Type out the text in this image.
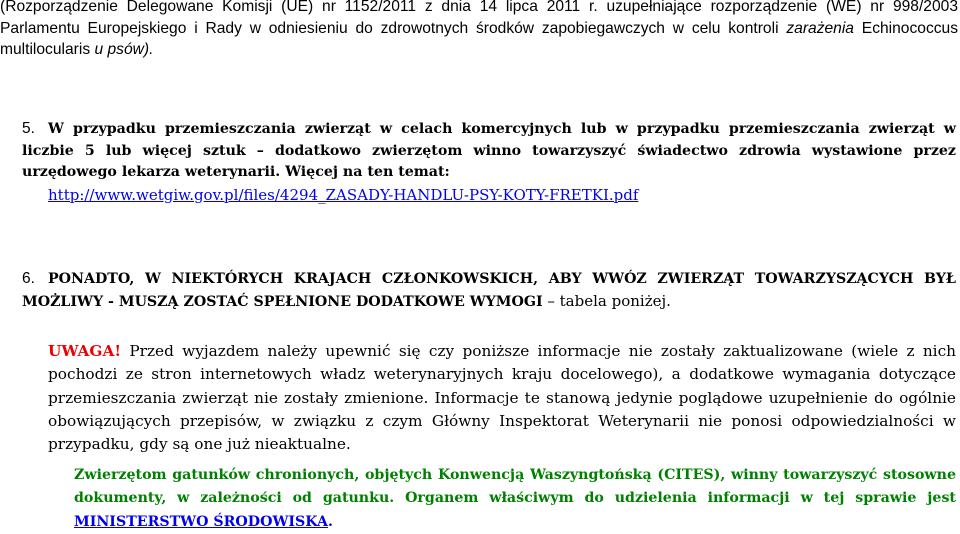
(Rozporządzenie Delegowane Komisji (UE) nr 1152/2011 z dnia 14 lipca 2011 r. uzupełniające rozporządzenie (WE) nr 998/2003 Parlamentu Europejskiego i Rady w odniesieniu do zdrowotnych środków zapobiegawczych w celu kontroli zarażenia Echinococcus multilocularis u psów).
5. W przypadku przemieszczania zwierząt w celach komercyjnych lub w przypadku przemieszczania zwierząt w liczbie 5 lub więcej sztuk – dodatkowo zwierzętom winno towarzyszyć świadectwo zdrowia wystawione przez urzędowego lekarza weterynarii. Więcej na ten temat:
http://www.wetgiw.gov.pl/files/4294_ZASADY-HANDLU-PSY-KOTY-FRETKI.pdf
6. PONADTO, W NIEKTÓRYCH KRAJACH CZŁONKOWSKICH, ABY WWÓZ ZWIERZĄT TOWARZYSZĄCYCH BYŁ MOŻLIWY - MUSZĄ ZOSTAĆ SPEŁNIONE DODATKOWE WYMOGI – tabela poniżej.
UWAGA! Przed wyjazdem należy upewnić się czy poniższe informacje nie zostały zaktualizowane (wiele z nich pochodzi ze stron internetowych władz weterynaryjnych kraju docelowego), a dodatkowe wymagania dotyczące przemieszczania zwierząt nie zostały zmienione. Informacje te stanową jedynie poglądowe uzupełnienie do ogólnie obowiązujących przepisów, w związku z czym Główny Inspektorat Weterynarii nie ponosi odpowiedzialności w przypadku, gdy są one już nieaktualne.
Zwierzętom gatunków chronionych, objętych Konwencją Waszyngtońską (CITES), winny towarzyszyć stosowne dokumenty, w zależności od gatunku. Organem właściwym do udzielenia informacji w tej sprawie jest MINISTERSTWO ŚRODOWISKA.
